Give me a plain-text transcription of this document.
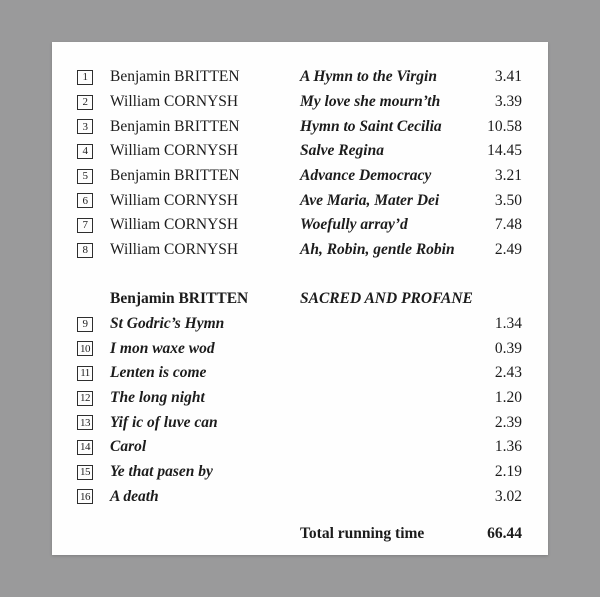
1	Benjamin BRITTEN	A Hymn to the Virgin	3.41
2	William CORNYSH	My love she mourn’th	3.39
3	Benjamin BRITTEN	Hymn to Saint Cecilia	10.58
4	William CORNYSH	Salve Regina	14.45
5	Benjamin BRITTEN	Advance Democracy	3.21
6	William CORNYSH	Ave Maria, Mater Dei	3.50
7	William CORNYSH	Woefully array’d	7.48
8	William CORNYSH	Ah, Robin, gentle Robin	2.49
Benjamin BRITTEN	SACRED AND PROFANE
9	St Godric’s Hymn	1.34
10 I mon waxe wod	0.39
11 Lenten is come	2.43
12 The long night	1.20
13 Yif ic of luve can	2.39
14 Carol	1.36
15 Ye that pasen by	2.19
16 A death	3.02
Total running time	66.44
